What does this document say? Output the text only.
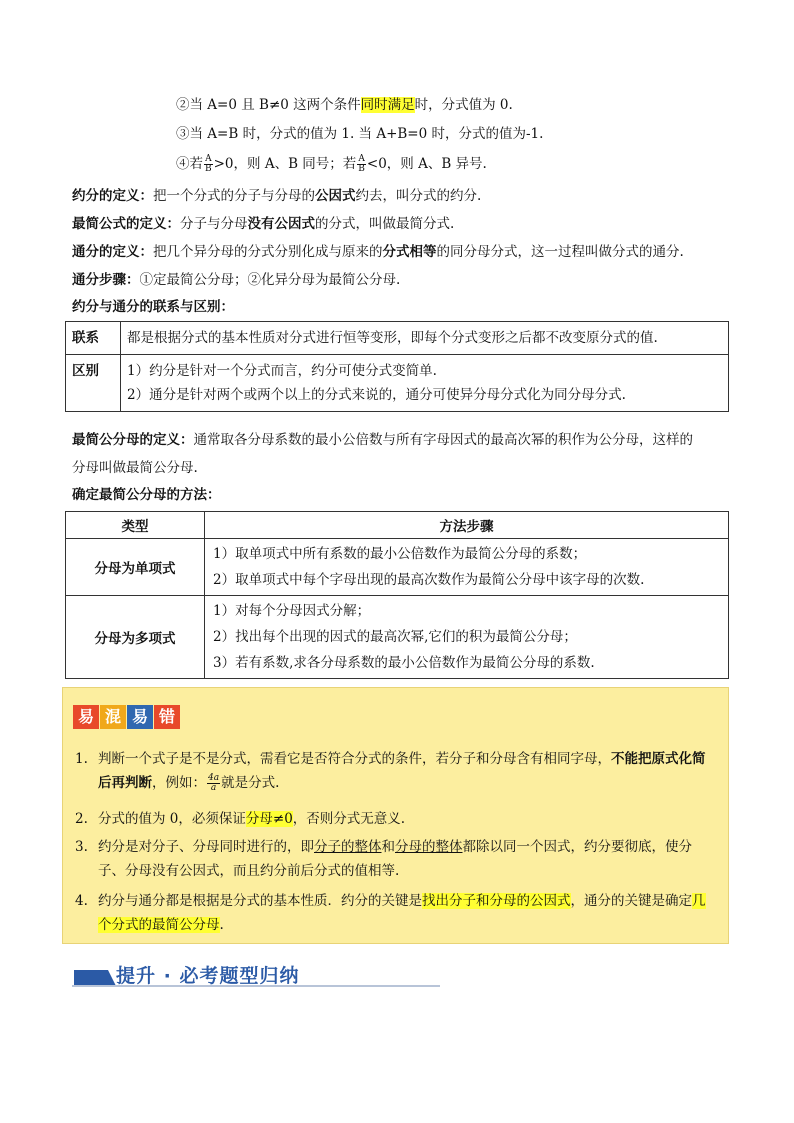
②当 A=0 且 B≠0 这两个条件同时满足时，分式值为 0.
③当 A=B 时，分式的值为 1. 当 A+B=0 时，分式的值为-1.
④若 $\frac{A}{B} >0$，则 A、B 同号；若 $\frac{A}{B} <0$，则 A、B 异号.
约分的定义：把一个分式的分子与分母的公因式约去，叫分式的约分.
最简公式的定义：分子与分母没有公因式的分式，叫做最简分式.
通分的定义：把几个异分母的分式分别化成与原来的分式相等的同分母分式，这一过程叫做分式的通分.
通分步骤：①定最简公分母；②化异分母为最简公分母.
约分与通分的联系与区别：
联系	都是根据分式的基本性质对分式进行恒等变形，即每个分式变形之后都不改变原分式的值.

区别	1）约分是针对一个分式而言，约分可使分式变简单.
2）通分是针对两个或两个以上的分式来说的，通分可使异分母分式化为同分母分式.
最简公分母的定义：通常取各分母系数的最小公倍数与所有字母因式的最高次幂的积作为公分母，这样的
分母叫做最简公分母.
确定最简公分母的方法：
类型	方法步骤
分母为单项式	1）取单项式中所有系数的最小公倍数作为最简公分母的系数；
2）取单项式中每个字母出现的最高次数作为最简公分母中该字母的次数.

分母为多项式	1）对每个分母因式分解；
2）找出每个出现的因式的最高次幂,它们的积为最简公分母；
3）若有系数,求各分母系数的最小公倍数作为最简公分母的系数.
易 混 易 错
1. 判断一个式子是不是分式，需看它是否符合分式的条件，若分子和分母含有相同字母，不能把原式化简后再判断，例如： $\frac{4a}{a}$ 就是分式.
2. 分式的值为 0，必须保证分母≠0，否则分式无意义.
3. 约分是对分子、分母同时进行的，即分子的整体和分母的整体都除以同一个因式，约分要彻底，使分子、分母没有公因式，而且约分前后分式的值相等.
4. 约分与通分都是根据是分式的基本性质．约分的关键是找出分子和分母的公因式，通分的关键是确定几个分式的最简公分母.
提升 · 必考题型归纳
